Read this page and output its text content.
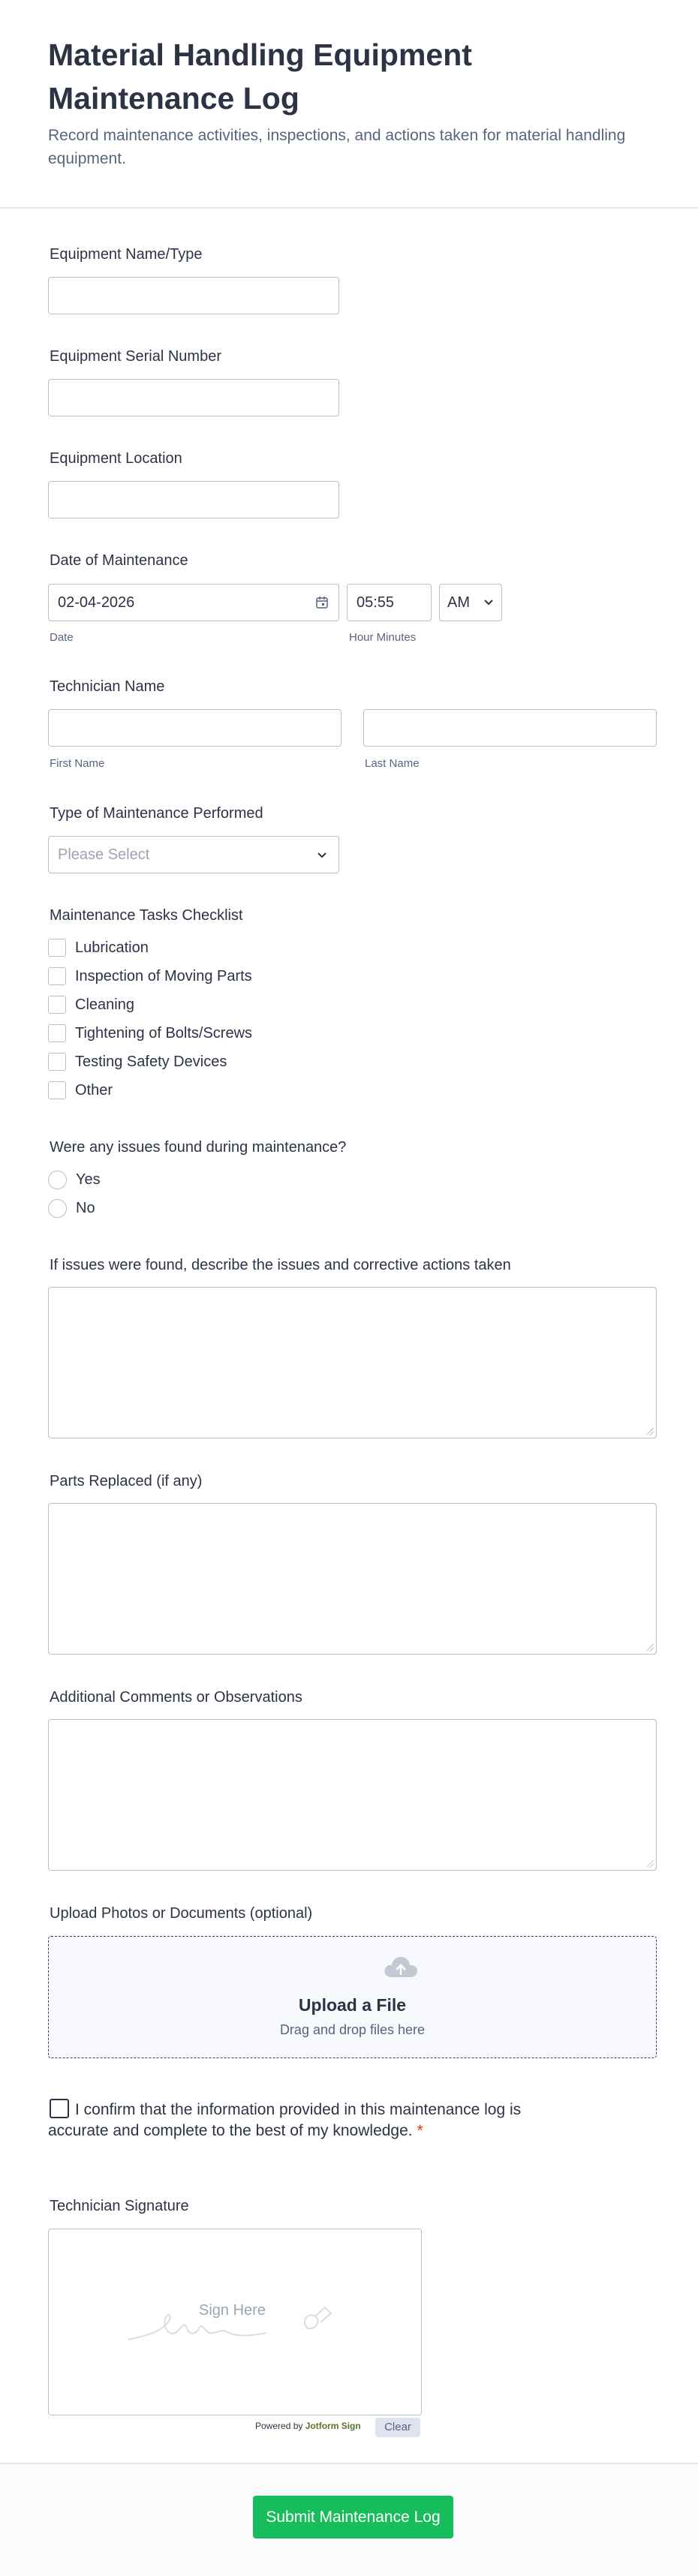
Material Handling Equipment Maintenance Log

Record maintenance activities, inspections, and actions taken for material handling equipment.

Equipment Name/Type
Equipment Serial Number
Equipment Location
Date of Maintenance
02-04-2026
Date
05:55	AM
Hour Minutes
Technician Name
First Name	Last Name
Type of Maintenance Performed
Please Select
Maintenance Tasks Checklist
Lubrication
Inspection of Moving Parts
Cleaning
Tightening of Bolts/Screws
Testing Safety Devices
Other
Were any issues found during maintenance?
Yes
No
If issues were found, describe the issues and corrective actions taken
Parts Replaced (if any)
Additional Comments or Observations
Upload Photos or Documents (optional)
Upload a File
Drag and drop files here
I confirm that the information provided in this maintenance log is accurate and complete to the best of my knowledge. *
Technician Signature
Sign Here
Powered by Jotform Sign	Clear
Submit Maintenance Log
